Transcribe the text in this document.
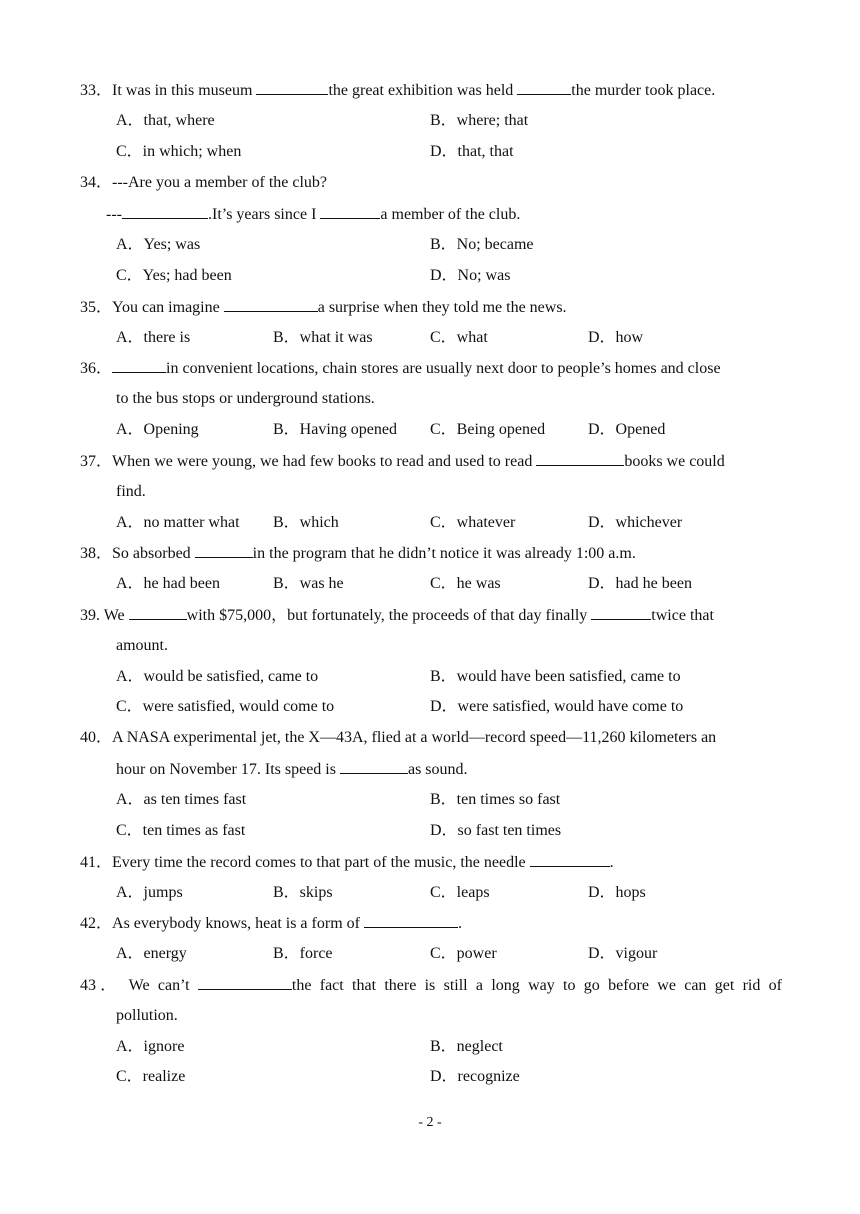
33．It was in this museum	the great exhibition was held	the murder took place.
A．that, where	B．where; that
C．in which; when	D．that, that
34．---Are you a member of the club?
---	.It’s years since I	a member of the club.
A．Yes; was	B．No; became
C．Yes; had been	D．No; was
35．You can imagine	a surprise when they told me the news.
A．there is	B．what it was	C．what	D．how
36．	in convenient locations, chain stores are usually next door to people’s homes and close
to the bus stops or underground stations.
A．Opening	B．Having opened C．Being opened	D．Opened
37．When we were young, we had few books to read and used to read	books we could
find.
A．no matter what B．which	C．whatever	D．whichever
38．So absorbed	in the program that he didn’t notice it was already 1:00 a.m.
A．he had been	B．was he	C．he was	D．had he been
39. We	with $75,000，but fortunately, the proceeds of that day finally	twice that
amount.
A．would be satisfied, came to	B．would have been satisfied, came to
C．were satisfied, would come to	D．were satisfied, would have come to
40．A NASA experimental jet, the X—43A, flied at a world—record speed—11,260 kilometers an
hour on November 17. Its speed is	as sound.
A．as ten times fast	B．ten times so fast
C．ten times as fast	D．so fast ten times
41．Every time the record comes to that part of the music, the needle	.
A．jumps	B．skips	C．leaps	D．hops
42．As everybody knows, heat is a form of	.
A．energy	B．force	C．power	D．vigour
43． We can’t	the fact that there is still a long way to go before we can get rid of
pollution.
A．ignore	B．neglect
C．realize	D．recognize
- 2 -
